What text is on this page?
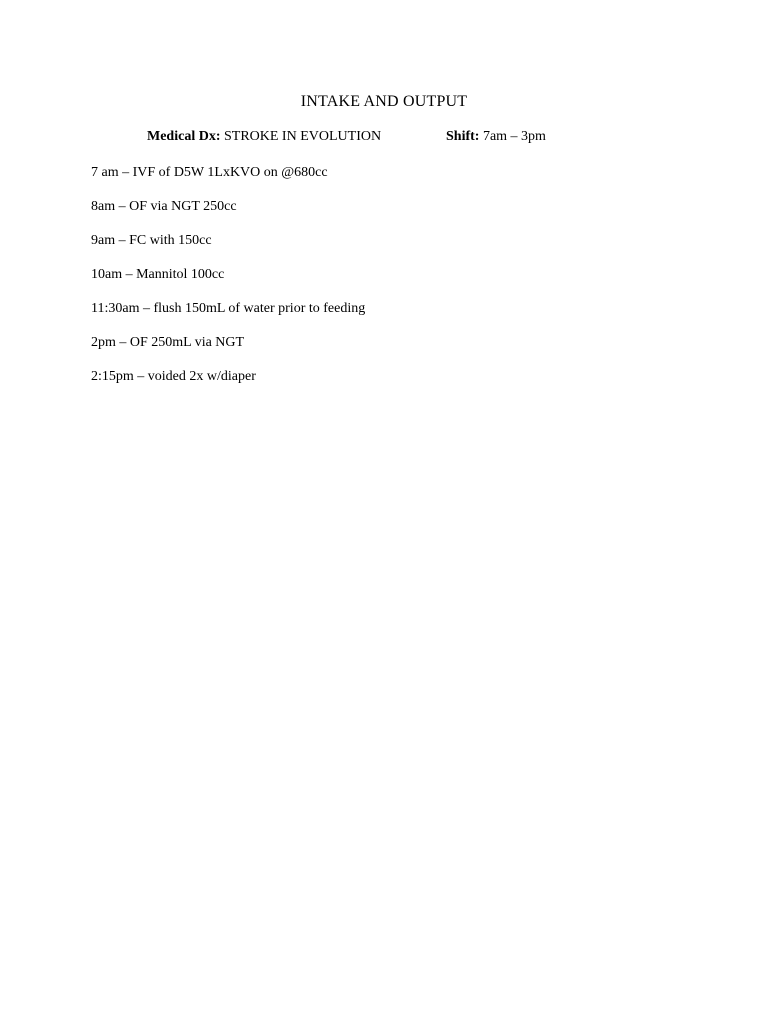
INTAKE AND OUTPUT
Medical Dx: STROKE IN EVOLUTION	Shift: 7am – 3pm
7 am – IVF of D5W 1LxKVO on @680cc
8am – OF via NGT 250cc
9am – FC with 150cc
10am – Mannitol 100cc
11:30am – flush 150mL of water prior to feeding
2pm – OF 250mL via NGT
2:15pm – voided 2x w/diaper
